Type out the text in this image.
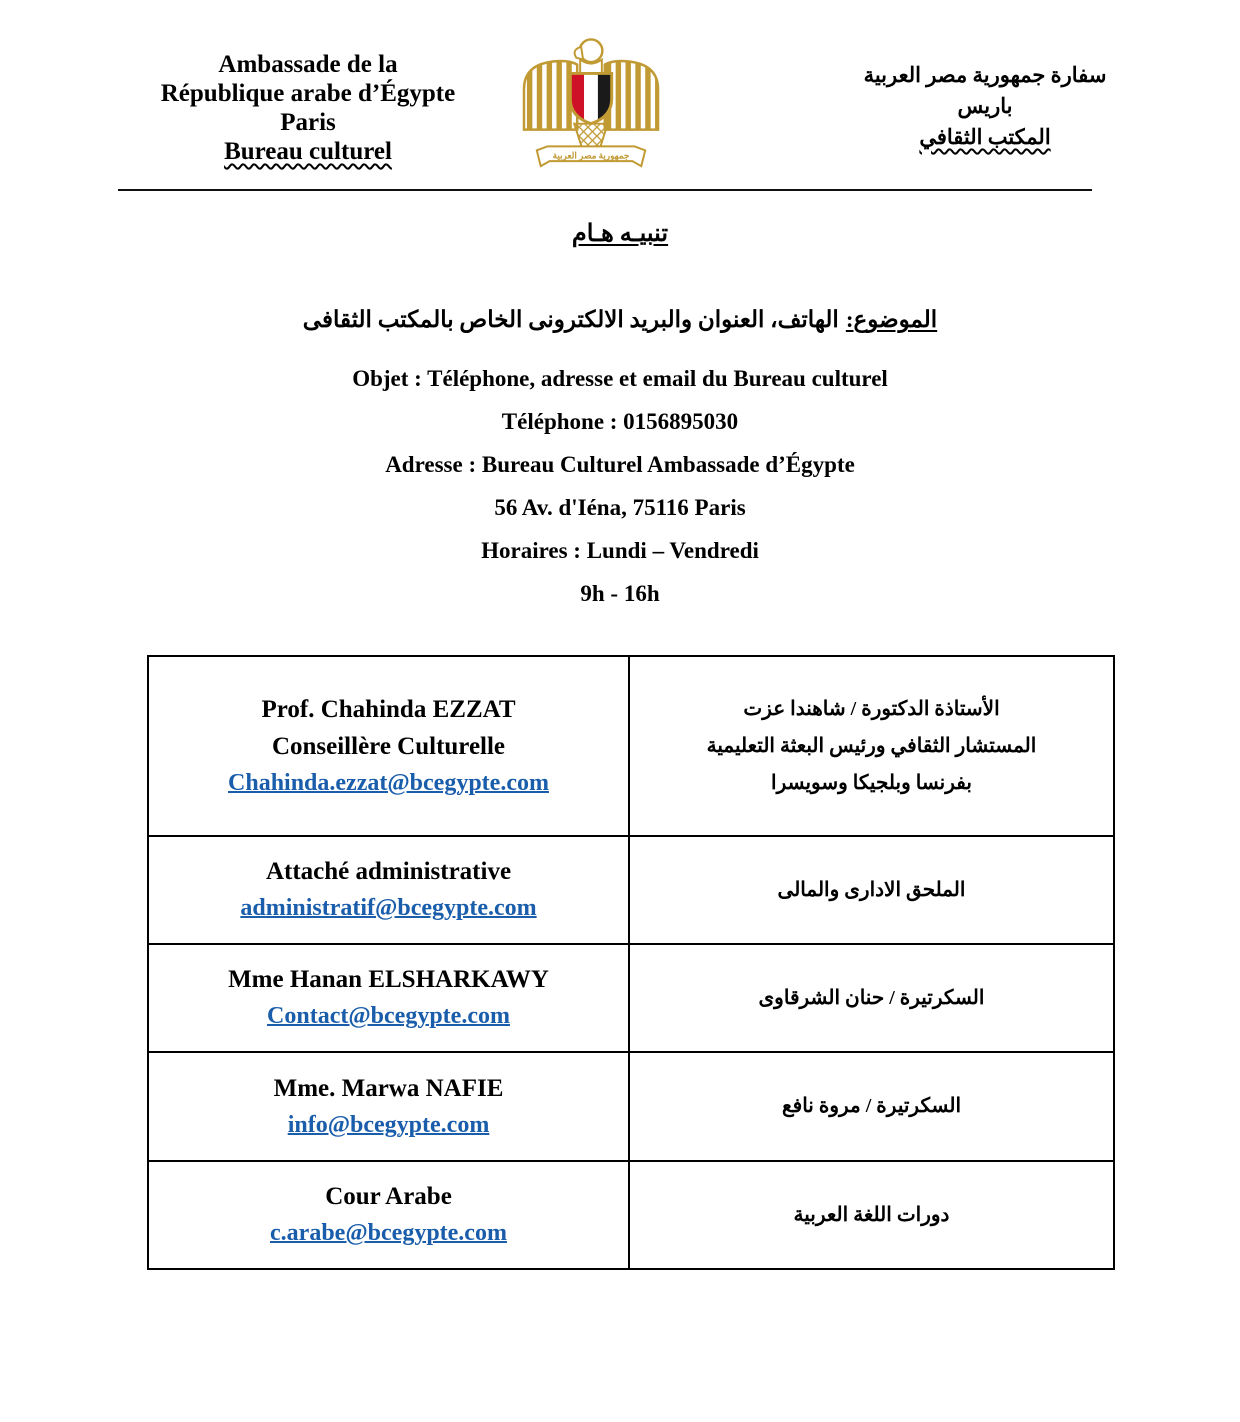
Ambassade de la
République arabe d’Égypte
Paris
Bureau culturel	جمهورية مصر العربية
سفارة جمهورية مصر العربية
باريس
المكتب الثقافي
تنبيـه هـام
الموضوع:الهاتف، العنوان والبريد الالكترونى الخاص بالمكتب الثقافى
Objet : Téléphone, adresse et email du Bureau culturel
Téléphone : 0156895030
Adresse : Bureau Culturel Ambassade d’Égypte
56 Av. d'Iéna, 75116 Paris
Horaires : Lundi – Vendredi
9h - 16h
Prof. Chahinda EZZAT
Conseillère Culturelle
Chahinda.ezzat@bcegypte.com

الأستاذة الدكتورة / شاهندا عزت
المستشار الثقافي ورئيس البعثة التعليمية
بفرنسا وبلجيكا وسويسرا

Attaché administrative
administratif@bcegypte.com	الملحق الادارى والمالى

Mme Hanan ELSHARKAWY
Contact@bcegypte.com	السكرتيرة / حنان الشرقاوى

Mme. Marwa NAFIE
info@bcegypte.com	السكرتيرة / مروة نافع

Cour Arabe
c.arabe@bcegypte.com	دورات اللغة العربية
